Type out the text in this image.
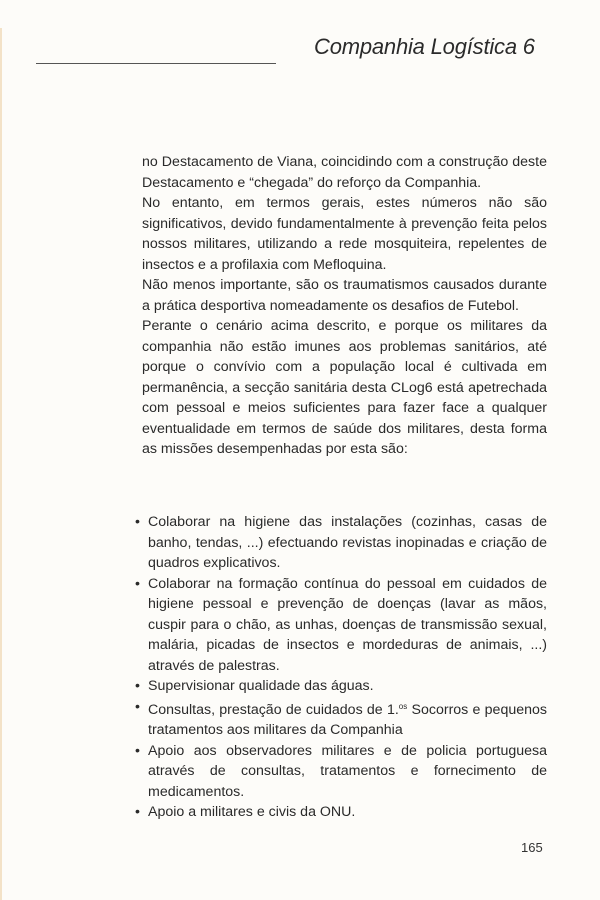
Companhia Logística 6

no Destacamento de Viana, coincidindo com a construção deste Destacamento e “chegada” do reforço da Companhia.

No entanto, em termos gerais, estes números não são significativos, devido fundamentalmente à prevenção feita pelos nossos militares, utilizando a rede mosquiteira, repelentes de insectos e a profilaxia com Mefloquina.

Não menos importante, são os traumatismos causados durante a prática desportiva nomeadamente os desafios de Futebol.

Perante o cenário acima descrito, e porque os militares da companhia não estão imunes aos problemas sanitários, até porque o convívio com a população local é cultivada em permanência, a secção sanitária desta CLog6 está apetrechada com pessoal e meios suficientes para fazer face a qualquer eventualidade em termos de saúde dos militares, desta forma as missões desempenhadas por esta são:

• Colaborar na higiene das instalações (cozinhas, casas de banho, tendas, ...) efectuando revistas inopinadas e criação de quadros explicativos.
• Colaborar na formação contínua do pessoal em cuidados de higiene pessoal e prevenção de doenças (lavar as mãos, cuspir para o chão, as unhas, doenças de transmissão sexual, malária, picadas de insectos e mordeduras de animais, ...) através de palestras.
• Supervisionar qualidade das águas.
• Consultas, prestação de cuidados de 1.$^{os}$ Socorros e pequenos tratamentos aos militares da Companhia
• Apoio aos observadores militares e de policia portuguesa através de consultas, tratamentos e fornecimento de medicamentos.
• Apoio a militares e civis da ONU.
165
